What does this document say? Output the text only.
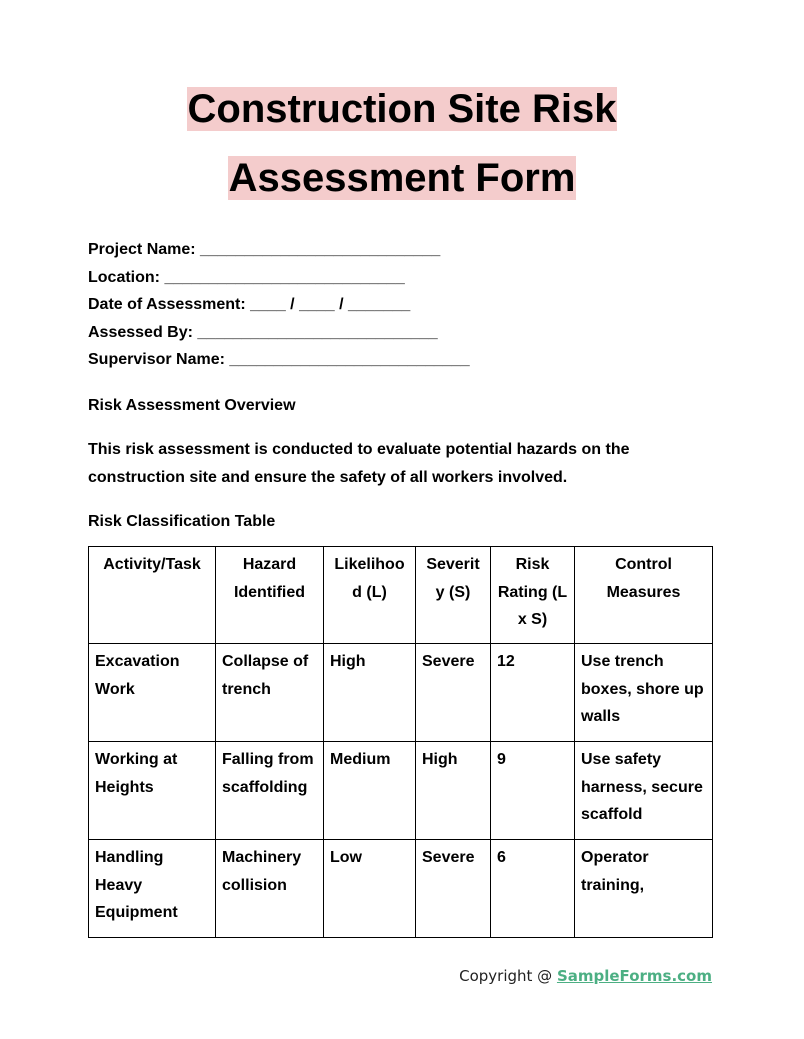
Construction Site Risk
Assessment Form
Project Name: ___________________________
Location: ___________________________
Date of Assessment: ____ / ____ / _______
Assessed By: ___________________________
Supervisor Name: ___________________________
Risk Assessment Overview
This risk assessment is conducted to evaluate potential hazards on the construction site and ensure the safety of all workers involved.
Risk Classification Table
Activity/Task	Hazard Identified	Likelihood (L)	Severity (S)	Risk Rating (L x S)	Control Measures
Excavation Work	Collapse of trench	High	Severe	12	Use trench boxes, shore up walls
Working at Heights	Falling from scaffolding	Medium	High	9	Use safety harness, secure scaffold
Handling Heavy Equipment	Machinery collision	Low	Severe	6	Operator training,
Copyright @ SampleForms.com
